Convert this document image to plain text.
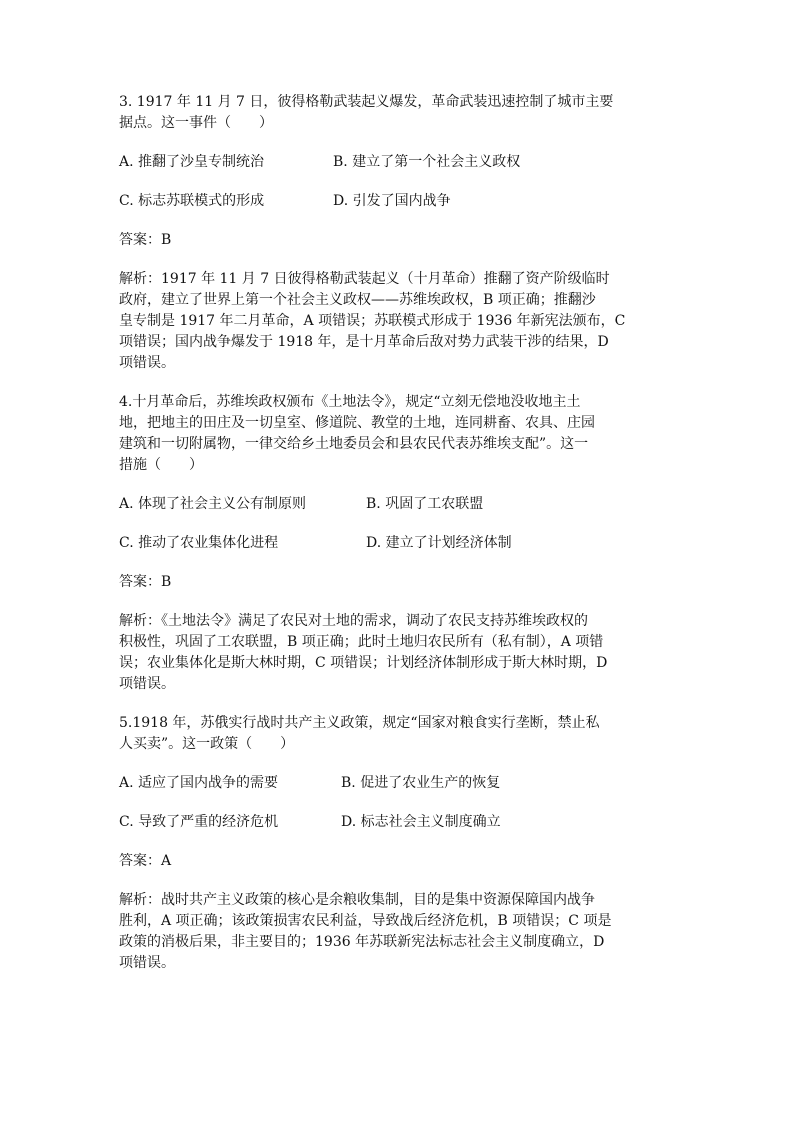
3. 1917 年 11 月 7 日，彼得格勒武装起义爆发，革命武装迅速控制了城市主要

据点。这一事件（　　）

A. 推翻了沙皇专制统治	B. 建立了第一个社会主义政权
C. 标志苏联模式的形成	D. 引发了国内战争

答案：B

解析：1917 年 11 月 7 日彼得格勒武装起义（十月革命）推翻了资产阶级临时

政府，建立了世界上第一个社会主义政权——苏维埃政权，B 项正确；推翻沙

皇专制是 1917 年二月革命，A 项错误；苏联模式形成于 1936 年新宪法颁布，C

项错误；国内战争爆发于 1918 年，是十月革命后敌对势力武装干涉的结果，D

项错误。

4.十月革命后，苏维埃政权颁布《土地法令》，规定“立刻无偿地没收地主土

地，把地主的田庄及一切皇室、修道院、教堂的土地，连同耕畜、农具、庄园

建筑和一切附属物，一律交给乡土地委员会和县农民代表苏维埃支配”。这一

措施（　　）

A. 体现了社会主义公有制原则	B. 巩固了工农联盟
C. 推动了农业集体化进程	D. 建立了计划经济体制

答案：B

解析：《土地法令》满足了农民对土地的需求，调动了农民支持苏维埃政权的

积极性，巩固了工农联盟，B 项正确；此时土地归农民所有（私有制），A 项错

误；农业集体化是斯大林时期，C 项错误；计划经济体制形成于斯大林时期，D

项错误。

5.1918 年，苏俄实行战时共产主义政策，规定“国家对粮食实行垄断，禁止私

人买卖”。这一政策（　　）

A. 适应了国内战争的需要	B. 促进了农业生产的恢复
C. 导致了严重的经济危机	D. 标志社会主义制度确立

答案：A

解析：战时共产主义政策的核心是余粮收集制，目的是集中资源保障国内战争

胜利，A 项正确；该政策损害农民利益，导致战后经济危机，B 项错误；C 项是

政策的消极后果，非主要目的；1936 年苏联新宪法标志社会主义制度确立，D

项错误。
